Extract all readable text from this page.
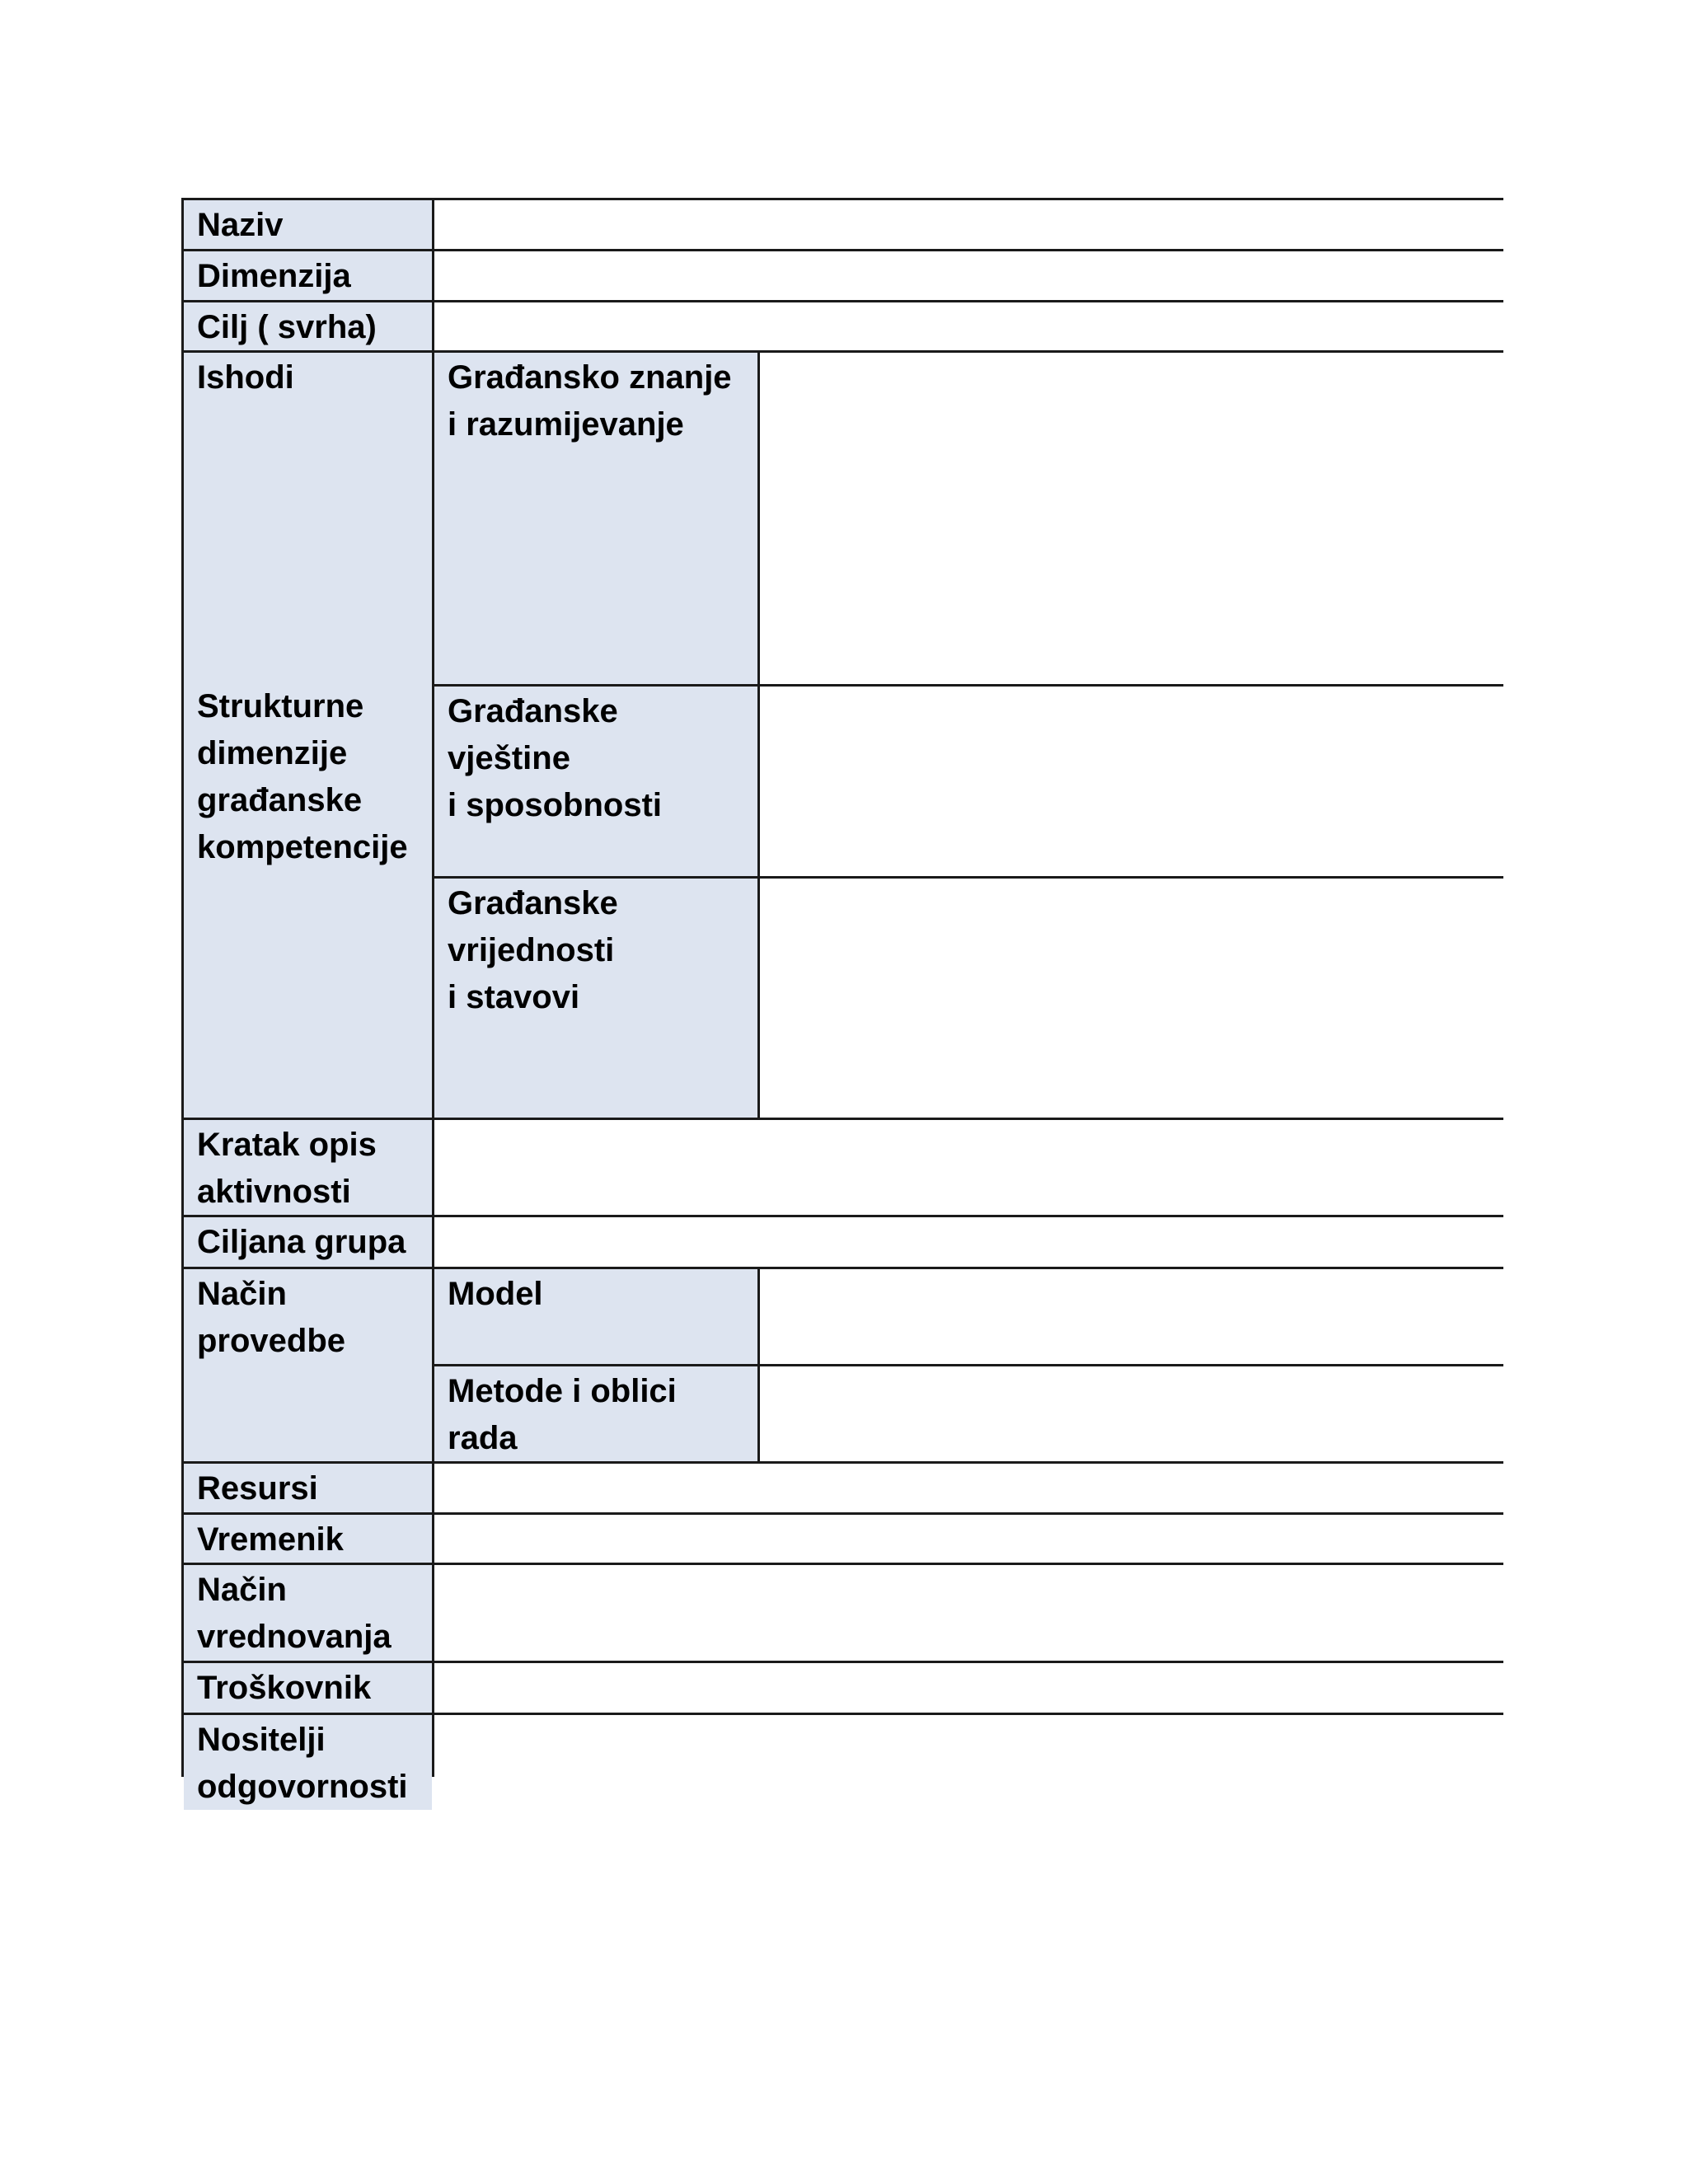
Naziv
Dimenzija
Cilj ( svrha)
Ishodi
Strukturne
dimenzije
građanske
kompetencije
Građansko znanje
i razumijevanje
Građanske
vještine
i sposobnosti
Građanske
vrijednosti
i stavovi
Kratak opis
aktivnosti
Ciljana grupa
Način
provedbe
Model
Metode i oblici
rada
Resursi
Vremenik
Način
vrednovanja
Troškovnik
Nositelji
odgovornosti
